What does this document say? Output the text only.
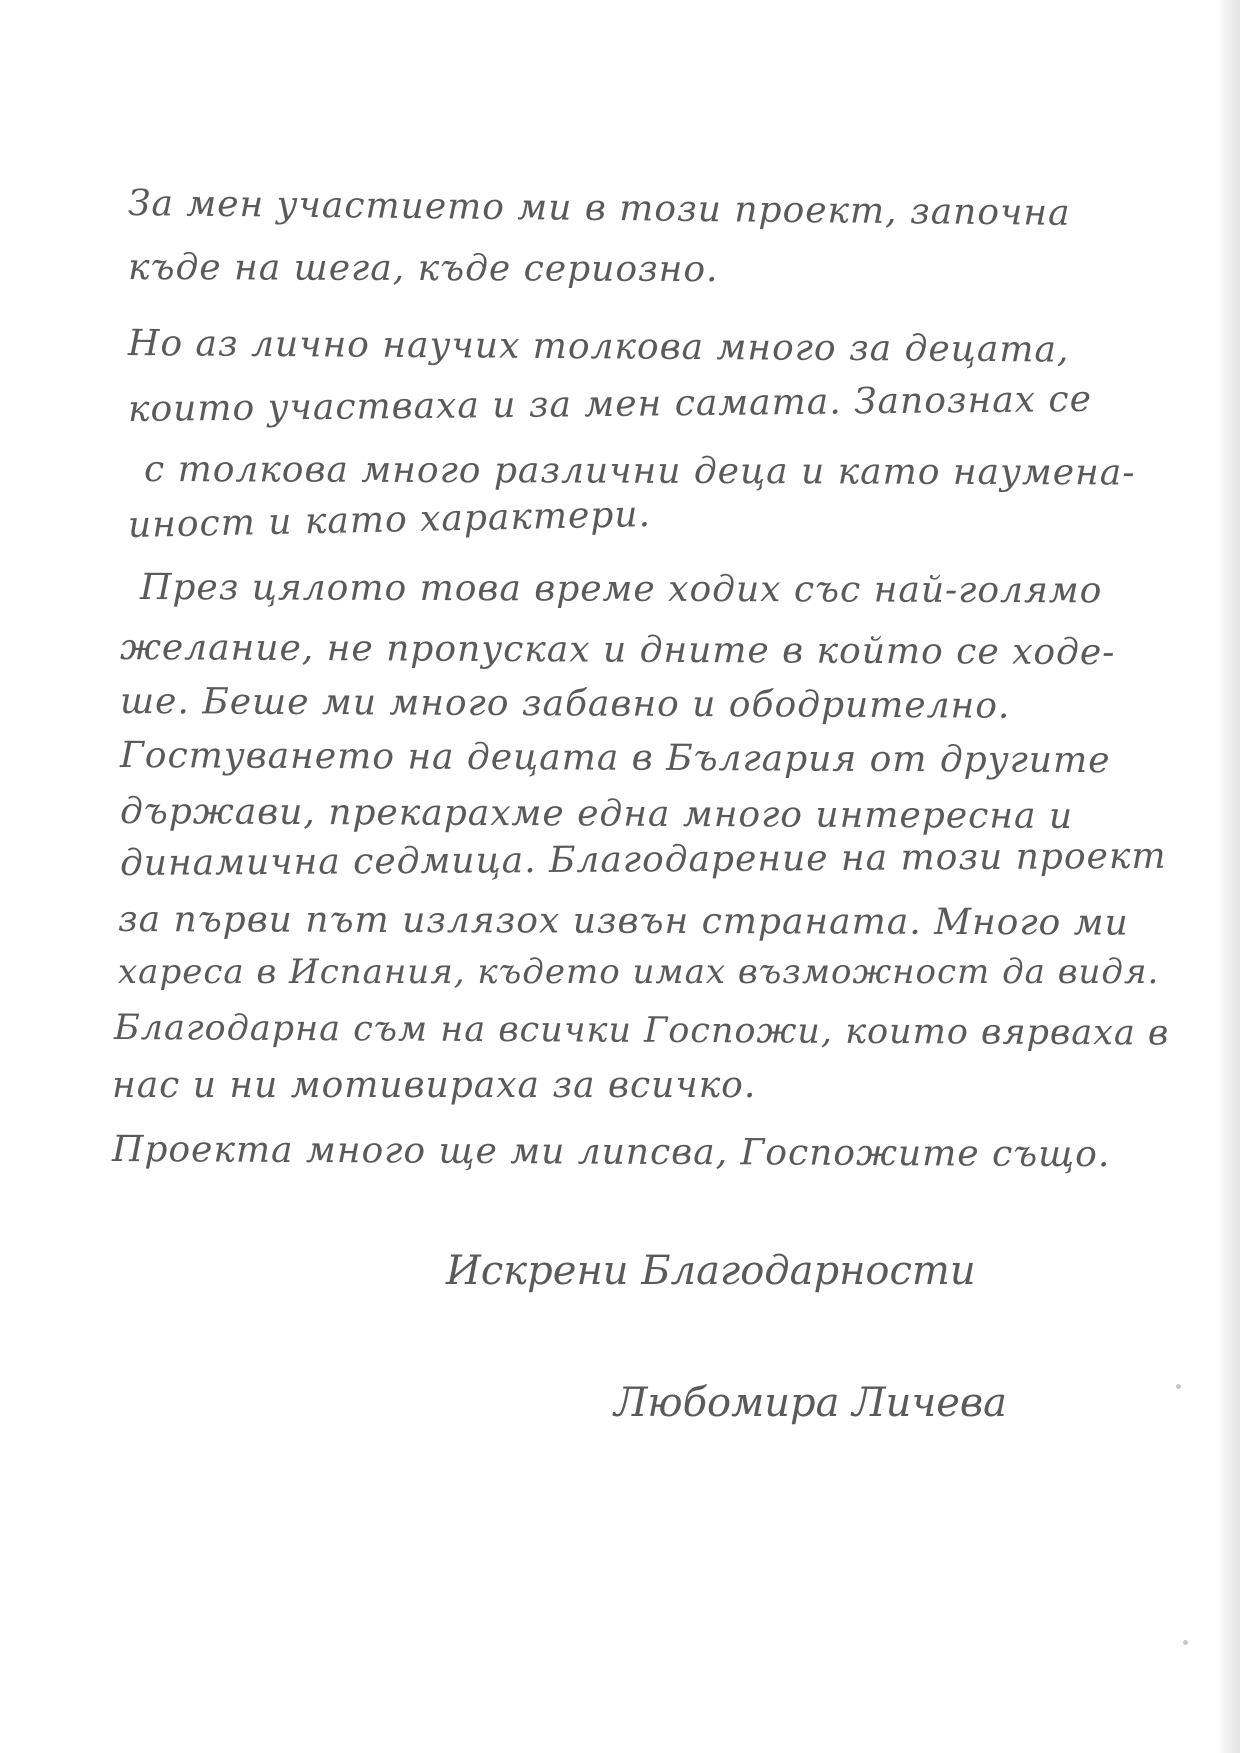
За мен участието ми в този проект, започна

къде на шега, къде сериозно.

Но аз лично научих толкова много за децата,

които участваха и за мен самата. Запознах се

с толкова много различни деца и като наумена-

иност и като характери.

През цялото това време ходих със най-голямо

желание, не пропусках и дните в който се ходе-

ше. Беше ми много забавно и ободрително.

Гостуването на децата в България от другите

държави, прекарахме една много интересна и

динамична седмица. Благодарение на този проект

за първи път излязох извън страната. Много ми

хареса в Испания, където имах възможност да видя.

Благодарна съм на всички Госпожи, които вярваха в

нас и ни мотивираха за всичко.

Проекта много ще ми липсва, Госпожите също.

Искрени Благодарности
Любомира Личева
